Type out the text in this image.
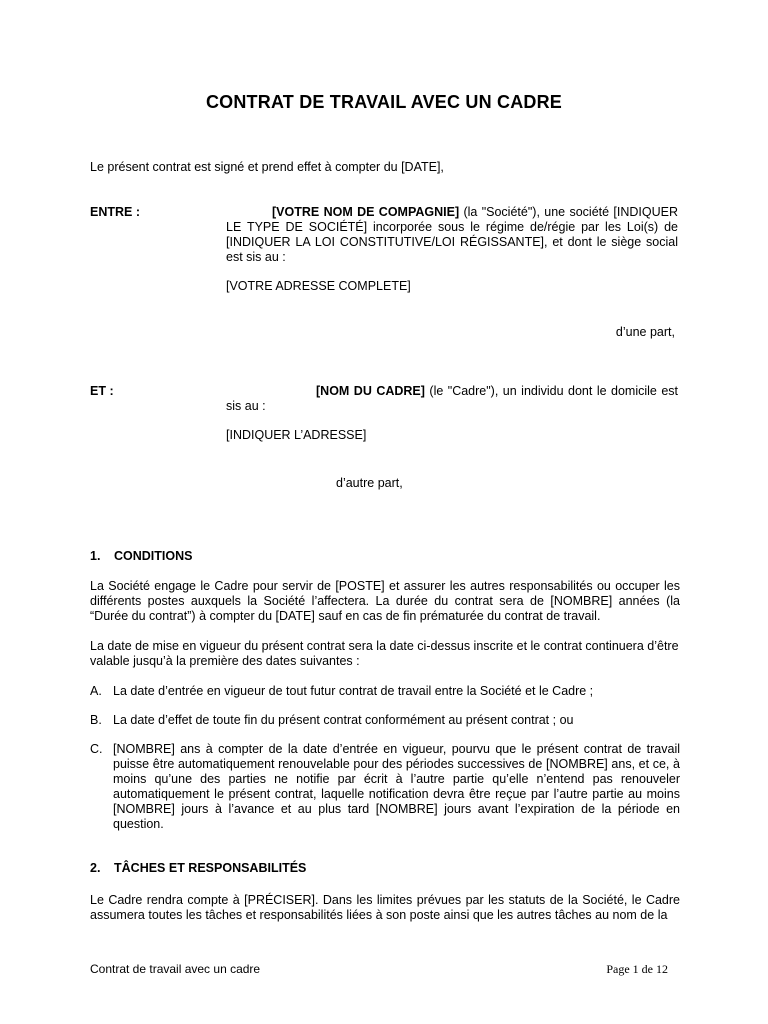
CONTRAT DE TRAVAIL AVEC UN CADRE
Le présent contrat est signé et prend effet à compter du [DATE],
ENTRE :	[VOTRE NOM DE COMPAGNIE] (la "Société"), une société [INDIQUER LE TYPE DE SOCIÉTÉ] incorporée sous le régime de/régie par les Loi(s) de [INDIQUER LA LOI CONSTITUTIVE/LOI RÉGISSANTE], et dont le siège social est sis au :
[VOTRE ADRESSE COMPLETE]
d’une part,
ET :	[NOM DU CADRE] (le "Cadre"), un individu dont le domicile est sis au :
[INDIQUER L’ADRESSE]
d’autre part,
1. CONDITIONS
La Société engage le Cadre pour servir de [POSTE] et assurer les autres responsabilités ou occuper les différents postes auxquels la Société l’affectera. La durée du contrat sera de [NOMBRE] années (la “Durée du contrat”) à compter du [DATE] sauf en cas de fin prématurée du contrat de travail.
La date de mise en vigueur du présent contrat sera la date ci-dessus inscrite et le contrat continuera d’être valable jusqu’à la première des dates suivantes :
A. La date d’entrée en vigueur de tout futur contrat de travail entre la Société et le Cadre ;
B. La date d’effet de toute fin du présent contrat conformément au présent contrat ; ou
C. [NOMBRE] ans à compter de la date d’entrée en vigueur, pourvu que le présent contrat de travail puisse être automatiquement renouvelable pour des périodes successives de [NOMBRE] ans, et ce, à moins qu’une des parties ne notifie par écrit à l’autre partie qu’elle n’entend pas renouveler automatiquement le présent contrat, laquelle notification devra être reçue par l’autre partie au moins [NOMBRE] jours à l’avance et au plus tard [NOMBRE] jours avant l’expiration de la période en question.
2. TÂCHES ET RESPONSABILITÉS
Le Cadre rendra compte à [PRÉCISER]. Dans les limites prévues par les statuts de la Société, le Cadre assumera toutes les tâches et responsabilités liées à son poste ainsi que les autres tâches au nom de la
Contrat de travail avec un cadre	Page 1 de 12
